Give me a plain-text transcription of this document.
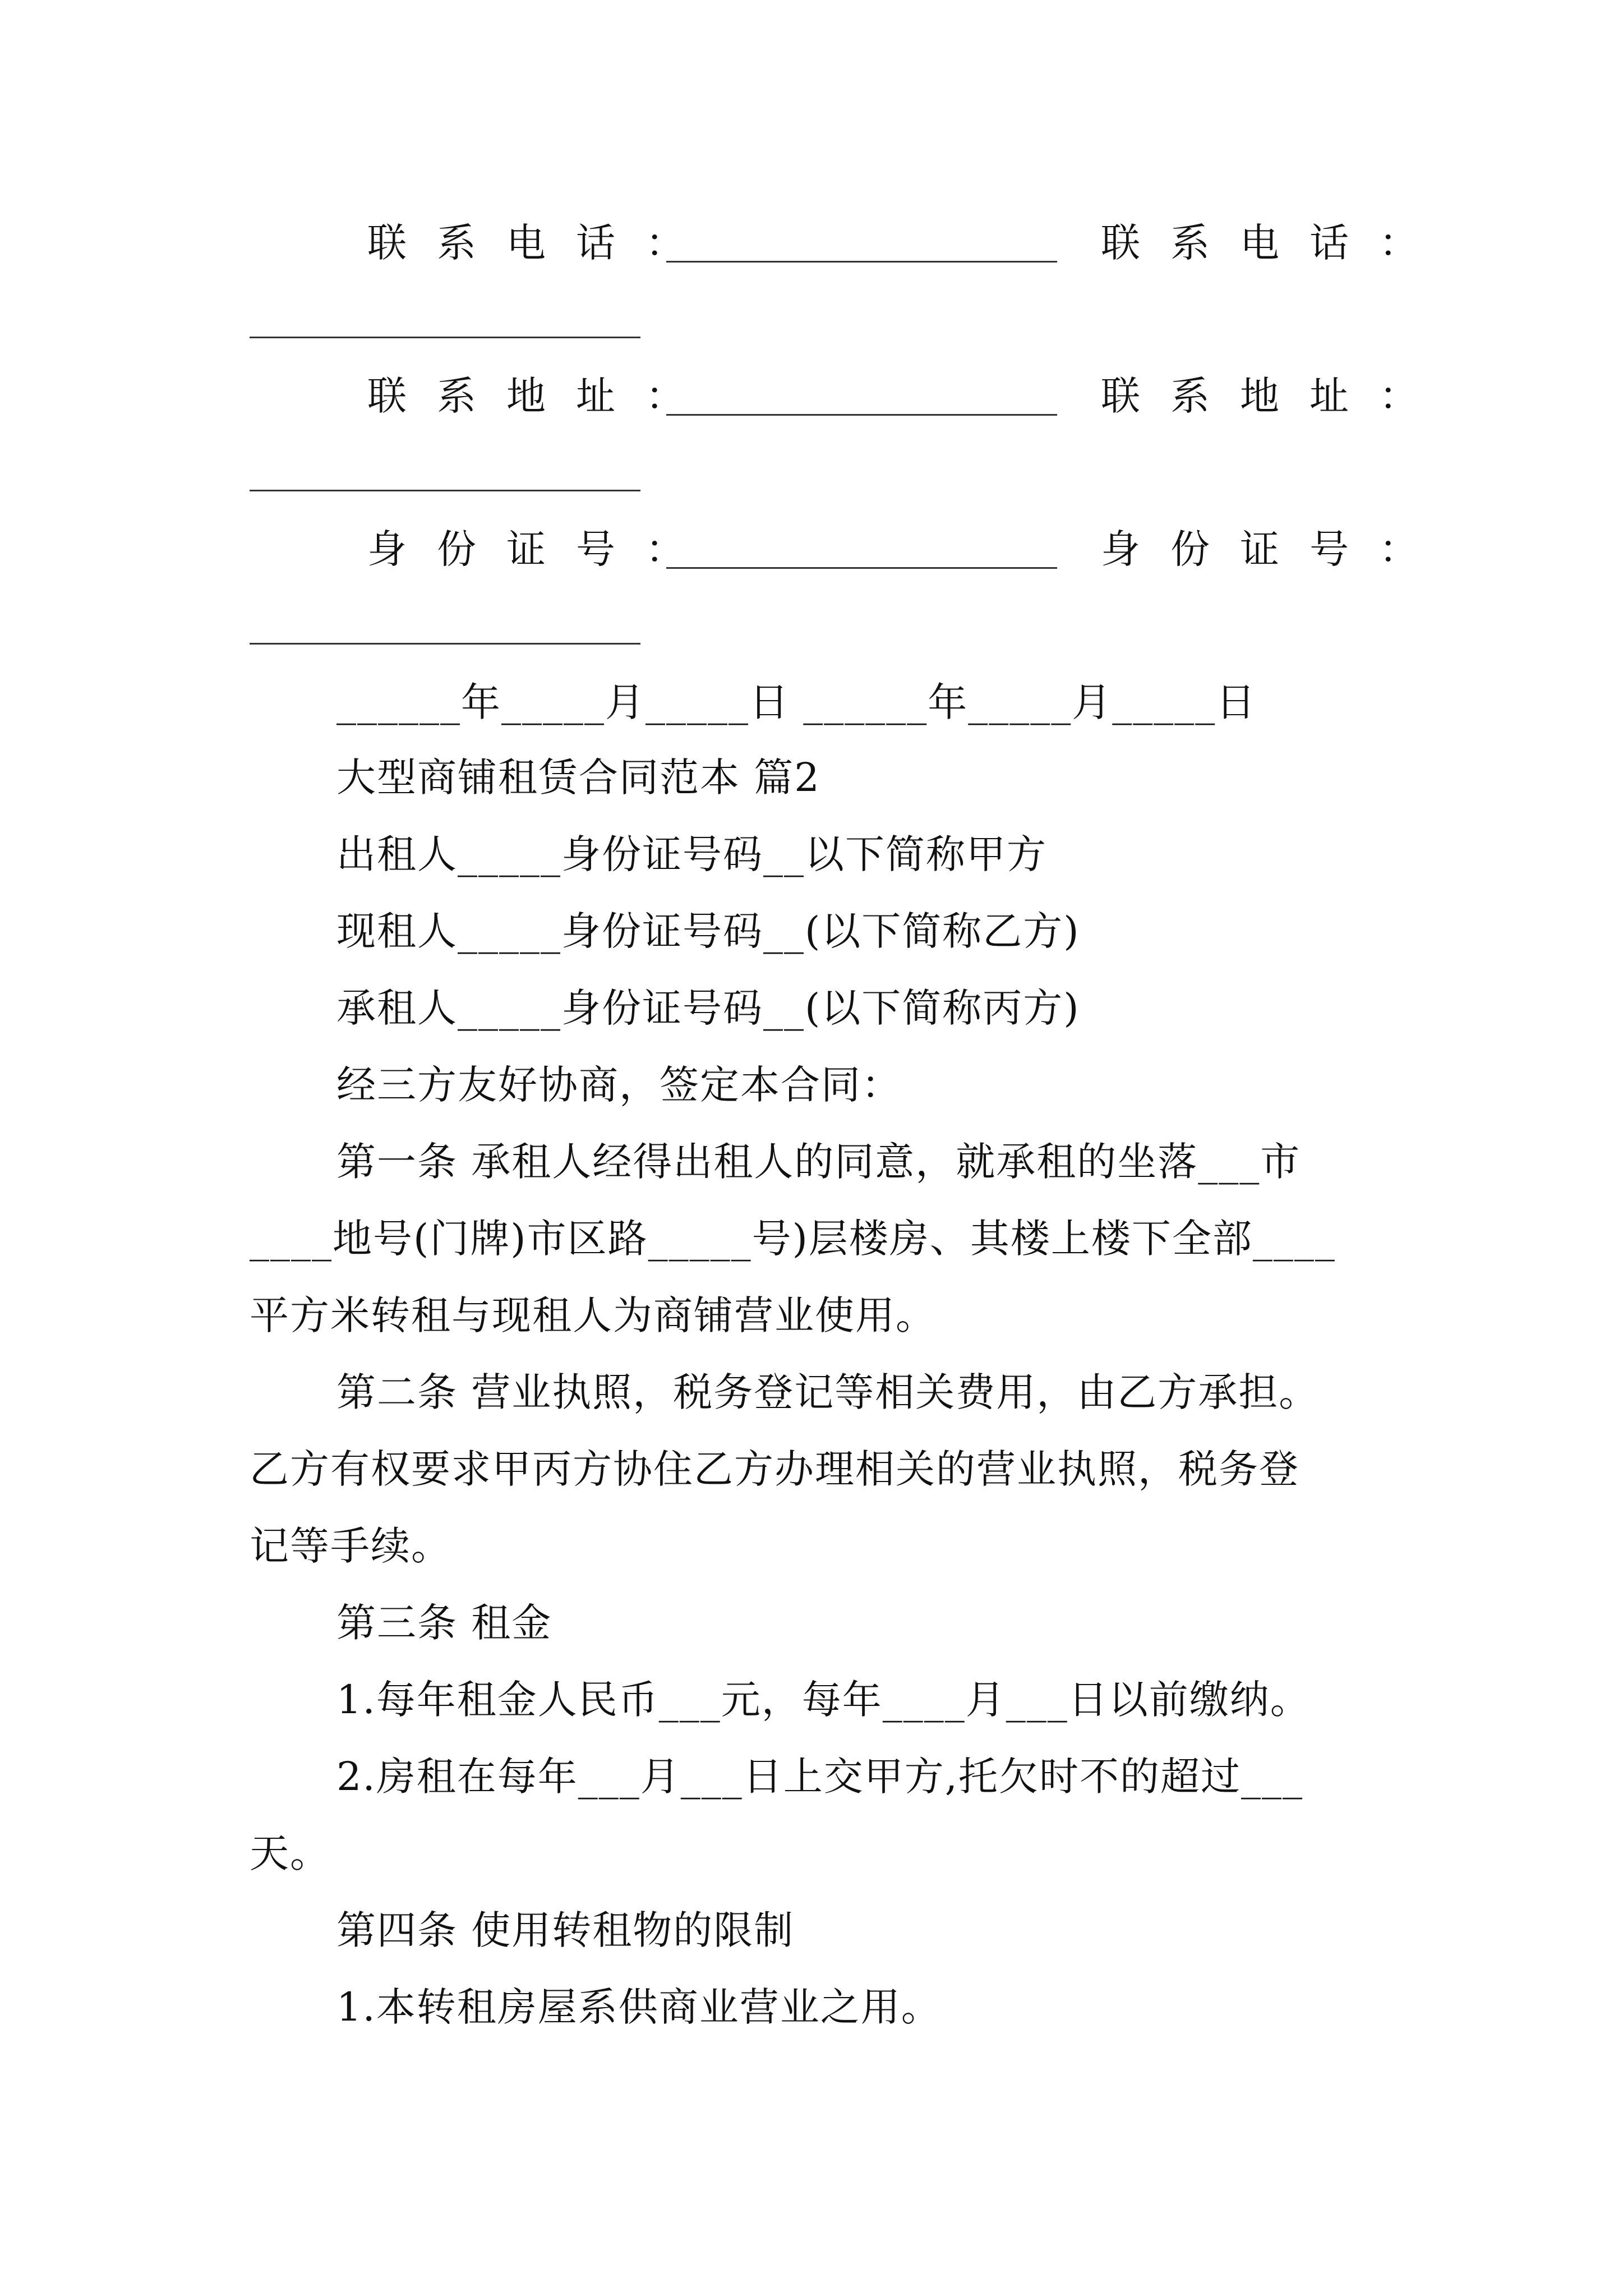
联系电话：	联系电话：
联系地址：	联系地址：
身份证号：	身份证号：
______年_____月_____日 ______年_____月_____日
大型商铺租赁合同范本 篇2
出租人_____身份证号码__以下简称甲方
现租人_____身份证号码__(以下简称乙方)
承租人_____身份证号码__(以下简称丙方)
经三方友好协商，签定本合同：
第一条 承租人经得出租人的同意，就承租的坐落___市
____地号(门牌)市区路_____号)层楼房、其楼上楼下全部____
平方米转租与现租人为商铺营业使用。
第二条 营业执照，税务登记等相关费用，由乙方承担。
乙方有权要求甲丙方协住乙方办理相关的营业执照，税务登
记等手续。
第三条 租金
1.每年租金人民币___元，每年____月___日以前缴纳。
2.房租在每年___月___日上交甲方,托欠时不的超过___
天。
第四条 使用转租物的限制
1.本转租房屋系供商业营业之用。
